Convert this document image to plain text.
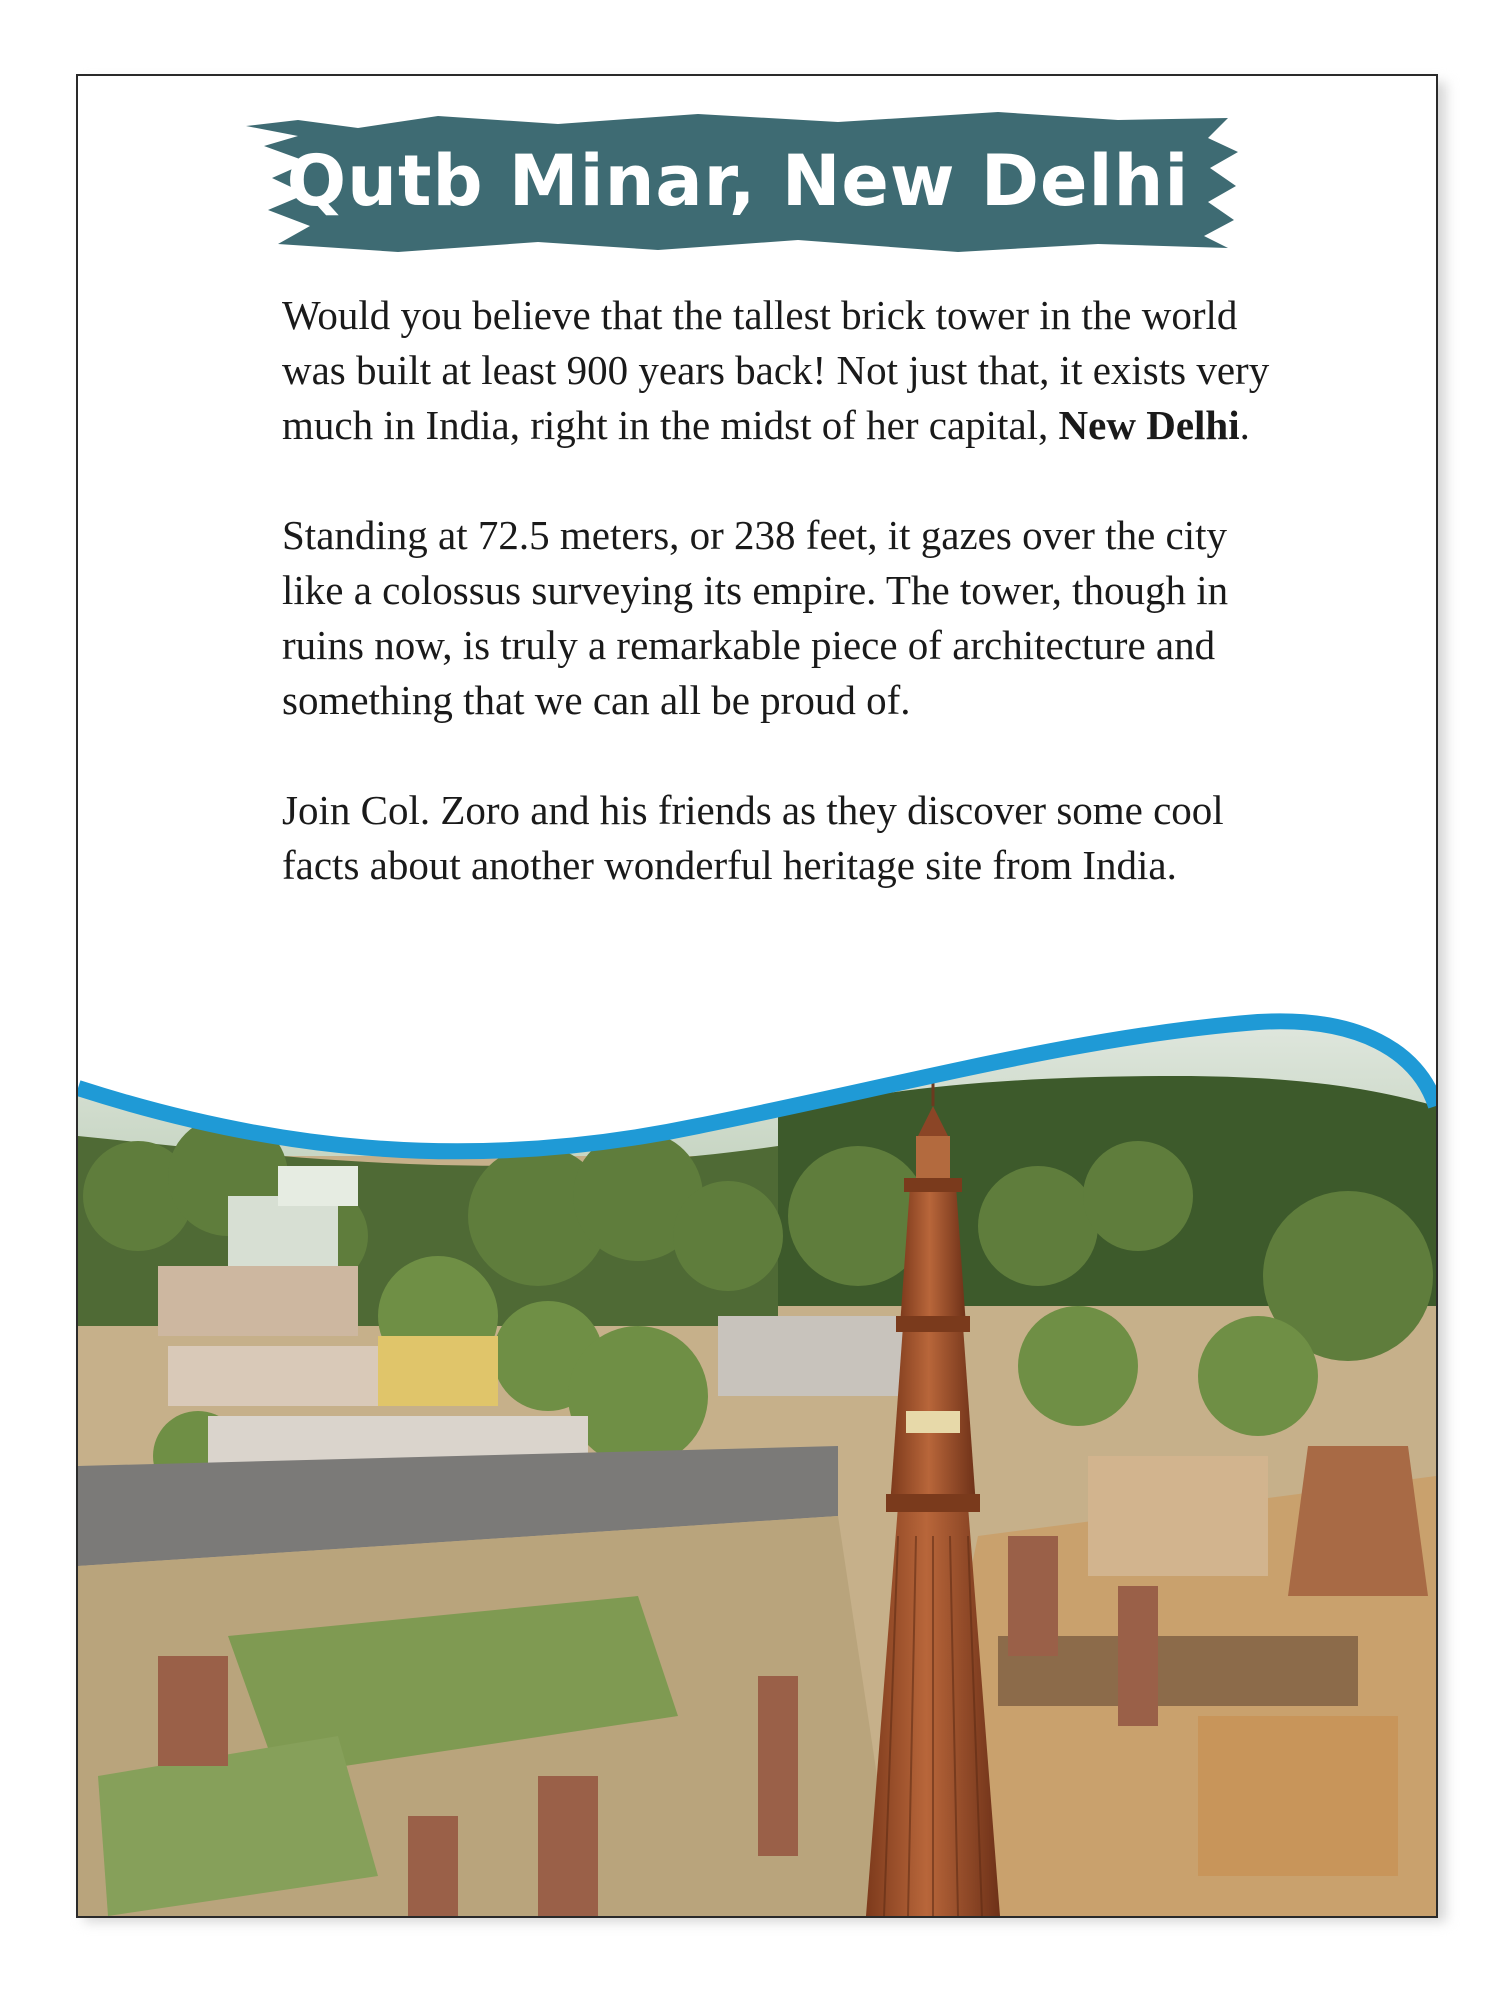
Qutb Minar, New Delhi

Would you believe that the tallest brick tower in the world was built at least 900 years back! Not just that, it exists very much in India, right in the midst of her capital, New Delhi.

Standing at 72.5 meters, or 238 feet, it gazes over the city like a colossus surveying its empire. The tower, though in ruins now, is truly a remarkable piece of architecture and something that we can all be proud of.

Join Col. Zoro and his friends as they discover some cool facts about another wonderful heritage site from India.
